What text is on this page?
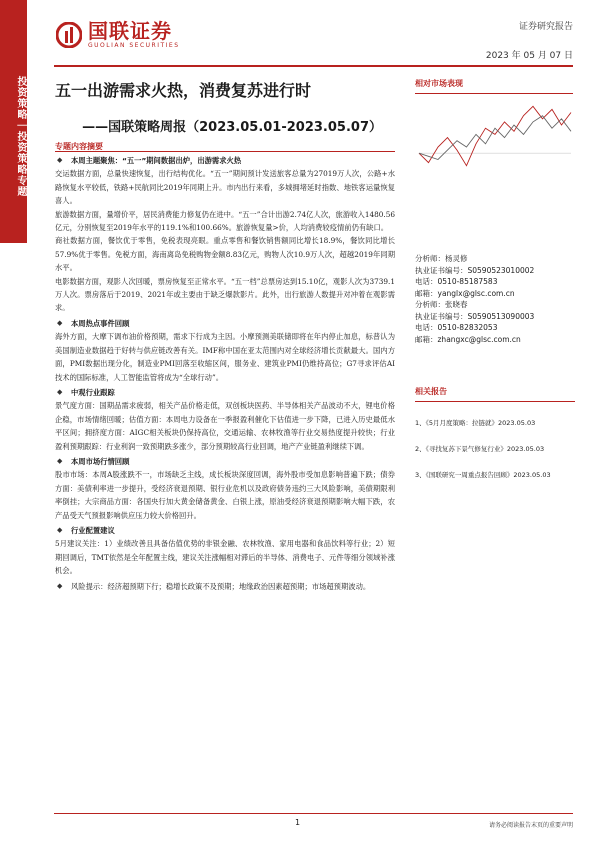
投资策略｜投资策略专题
国联证券
GUOLIAN SECURITIES
证券研究报告
2023 年 05 月 07 日
五一出游需求火热，消费复苏进行时
——国联策略周报（2023.05.01-2023.05.07）
专题内容摘要
◆ 本周主题聚焦：“五一”期间数据出炉，出游需求火热
交运数据方面，总量快速恢复，出行结构优化。“五一”期间预计发送旅客总量为27019万人次，公路+水路恢复水平较低，铁路+民航同比2019年同期上升。市内出行来看，多城拥堵延时指数、地铁客运量恢复喜人。
旅游数据方面，量增价平，居民消费能力修复仍在进中。“五一”合计出游2.74亿人次，旅游收入1480.56亿元，分别恢复至2019年水平的119.1%和100.66%。旅游恢复量>价，人均消费较疫情前仍有缺口。
商社数据方面，餐饮优于零售，免税表现亮眼。重点零售和餐饮销售额同比增长18.9%，餐饮同比增长57.9%优于零售。免税方面，海南离岛免税购物金额8.83亿元，购物人次10.9万人次，超越2019年同期水平。
电影数据方面，观影人次回暖，票房恢复至正常水平。“五一档”总票房达到15.10亿，观影人次为3739.1万人次。票房落后于2019、2021年或主要由于缺乏爆款影片。此外，出行旅游人数提升对冲着在观影需求。
◆ 本周热点事件回顾
海外方面，大摩下调布油价格预期，需求下行成为主因。小摩预测美联储即将在年内停止加息，标普认为美国制造业数据趋于好转与供应链改善有关。IMF称中国在亚太范围内对全球经济增长贡献最大。国内方面，PMI数据出现分化，制造业PMI回落至收缩区间，服务业、建筑业PMI仍维持高位；G7寻求评估AI技术的国际标准，人工智能监管将成为“全球行动”。
◆ 中观行业跟踪
景气度方面：国期品需求疲弱，相关产品价格走低，双创板块医药、半导体相关产品波动不大，锂电价格企稳，市场情绪回暖；估值方面：本周电力设备在一季报盈利催化下估值进一步下降，已进入历史最低水平区间；拥挤度方面：AIGC相关板块仍保持高位，交通运输、农林牧渔等行业交易热度提升较快；行业盈利预期跟踪：行业利润一致预期跌多涨少，部分预期较高行业回调，地产产业链盈利继续下调。
◆ 本周市场行情回顾
股市市场：本周A股涨跌不一，市场缺乏主线，成长板块深度回调，海外股市受加息影响普遍下跌；债券方面：美债利率进一步提升，受经济衰退预期、银行业危机以及政府债务违约三大风险影响，美债期限利率倒挂；大宗商品方面：各国央行加大黄金储备黄金、白银上涨，原油受经济衰退预期影响大幅下跌，农产品受天气预报影响供应压力较大价格回升。
◆ 行业配置建议
5月建议关注：1）业绩改善且具备估值优势的非银金融、农林牧渔、家用电器和食品饮料等行业；2）短期回调后，TMT依然是全年配置主线，建议关注涨幅相对滞后的半导体、消费电子、元件等细分领域补涨机会。
◆ 风险提示：经济超预期下行；稳增长政策不及预期；地缘政治因素超预期；市场超预期波动。
相对市场表现
分析师：杨灵修
执业证书编号：S0590523010002
电话：0510-85187583
邮箱：yanglx@glsc.com.cn
分析师：张晓春
执业证书编号：S0590513090003
电话：0510-82832053
邮箱：zhangxc@glsc.com.cn
相关报告
1、《5月月度策略：拉链就》2023.05.03
2、《寻找复苏下景气修复行业》2023.05.03
3、《国联研究一周重点报告回顾》2023.05.03
1	请务必阅读报告末页的重要声明
